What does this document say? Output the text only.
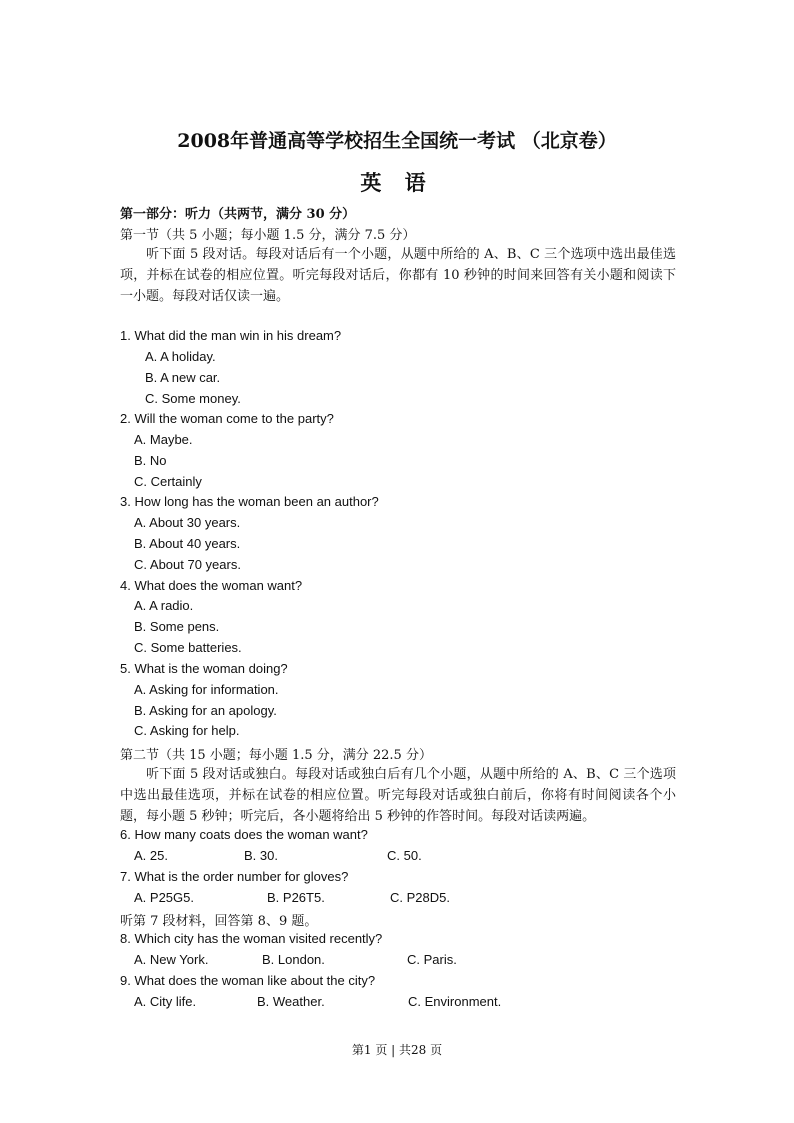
2008年普通高等学校招生全国统一考试 （北京卷）
英 语
第一部分：听力（共两节，满分 30 分）
第一节（共 5 小题；每小题 1.5 分，满分 7.5 分）
听下面 5 段对话。每段对话后有一个小题，从题中所给的 A、B、C 三个选项中选出最佳选项，并标在试卷的相应位置。听完每段对话后，你都有 10 秒钟的时间来回答有关小题和阅读下一小题。每段对话仅读一遍。
1. What did the man win in his dream?
A. A holiday.
B. A new car.
C. Some money.
2. Will the woman come to the party?
A. Maybe.
B. No
C. Certainly
3. How long has the woman been an author?
A. About 30 years.
B. About 40 years.
C. About 70 years.
4. What does the woman want?
A. A radio.
B. Some pens.
C. Some batteries.
5. What is the woman doing?
A. Asking for information.
B. Asking for an apology.
C. Asking for help.
第二节（共 15 小题；每小题 1.5 分，满分 22.5 分）
听下面 5 段对话或独白。每段对话或独白后有几个小题，从题中所给的 A、B、C 三个选项中选出最佳选项，并标在试卷的相应位置。听完每段对话或独白前后，你将有时间阅读各个小题，每小题 5 秒钟；听完后，各小题将给出 5 秒钟的作答时间。每段对话读两遍。
6. How many coats does the woman want?
A. 25.	B. 30.	C. 50.
7. What is the order number for gloves?
A. P25G5.	B. P26T5.	C. P28D5.
听第 7 段材料，回答第 8、9 题。
8. Which city has the woman visited recently?
A. New York.	B. London.	C. Paris.
9. What does the woman like about the city?
A. City life.	B. Weather.	C. Environment.
第1 页 | 共28 页
